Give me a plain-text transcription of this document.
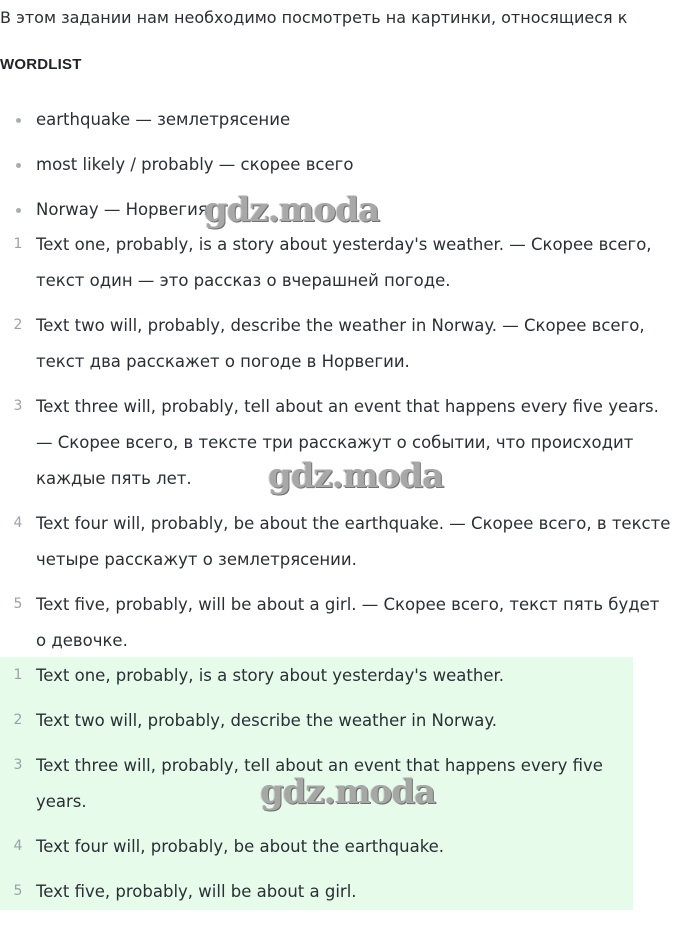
В этом задании нам необходимо посмотреть на картинки, относящиеся к
WORDLIST
earthquake — землетрясение
most likely / probably — скорее всего
Norway — Норвегия
1 Text one, probably, is a story about yesterday's weather. — Скорее всего, текст один — это рассказ о вчерашней погоде.
2 Text two will, probably, describe the weather in Norway. — Скорее всего, текст два расскажет о погоде в Норвегии.
3 Text three will, probably, tell about an event that happens every five years. — Скорее всего, в тексте три расскажут о событии, что происходит каждые пять лет.
4 Text four will, probably, be about the earthquake. — Скорее всего, в тексте четыре расскажут о землетрясении.
5 Text five, probably, will be about a girl. — Скорее всего, текст пять будет о девочке.
1 Text one, probably, is a story about yesterday's weather.
2 Text two will, probably, describe the weather in Norway.
3 Text three will, probably, tell about an event that happens every five years.
4 Text four will, probably, be about the earthquake.
5 Text five, probably, will be about a girl.
gdz.moda
gdz.moda
gdz.moda
